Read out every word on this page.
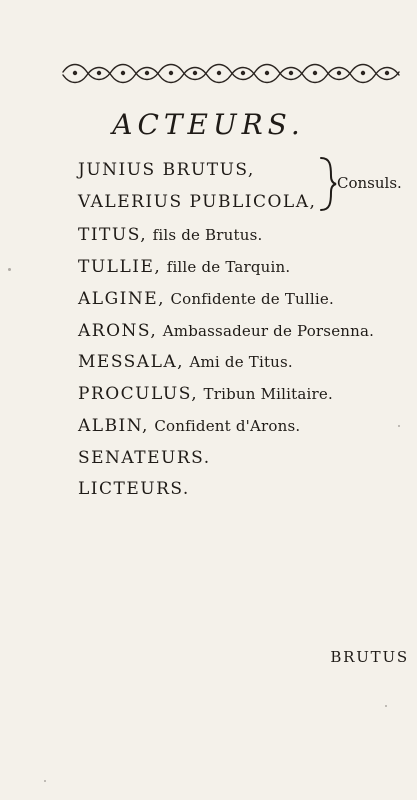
ACTEURS.
JUNIUS BRUTUS,
VALERIUS PUBLICOLA,
Consuls.
TITUS, fils de Brutus.
TULLIE, fille de Tarquin.
ALGINE, Confidente de Tullie.
ARONS, Ambassadeur de Porsenna.
MESSALA, Ami de Titus.
PROCULUS, Tribun Militaire.
ALBIN, Confident d'Arons.
SENATEURS.
LICTEURS.
BRUTUS
